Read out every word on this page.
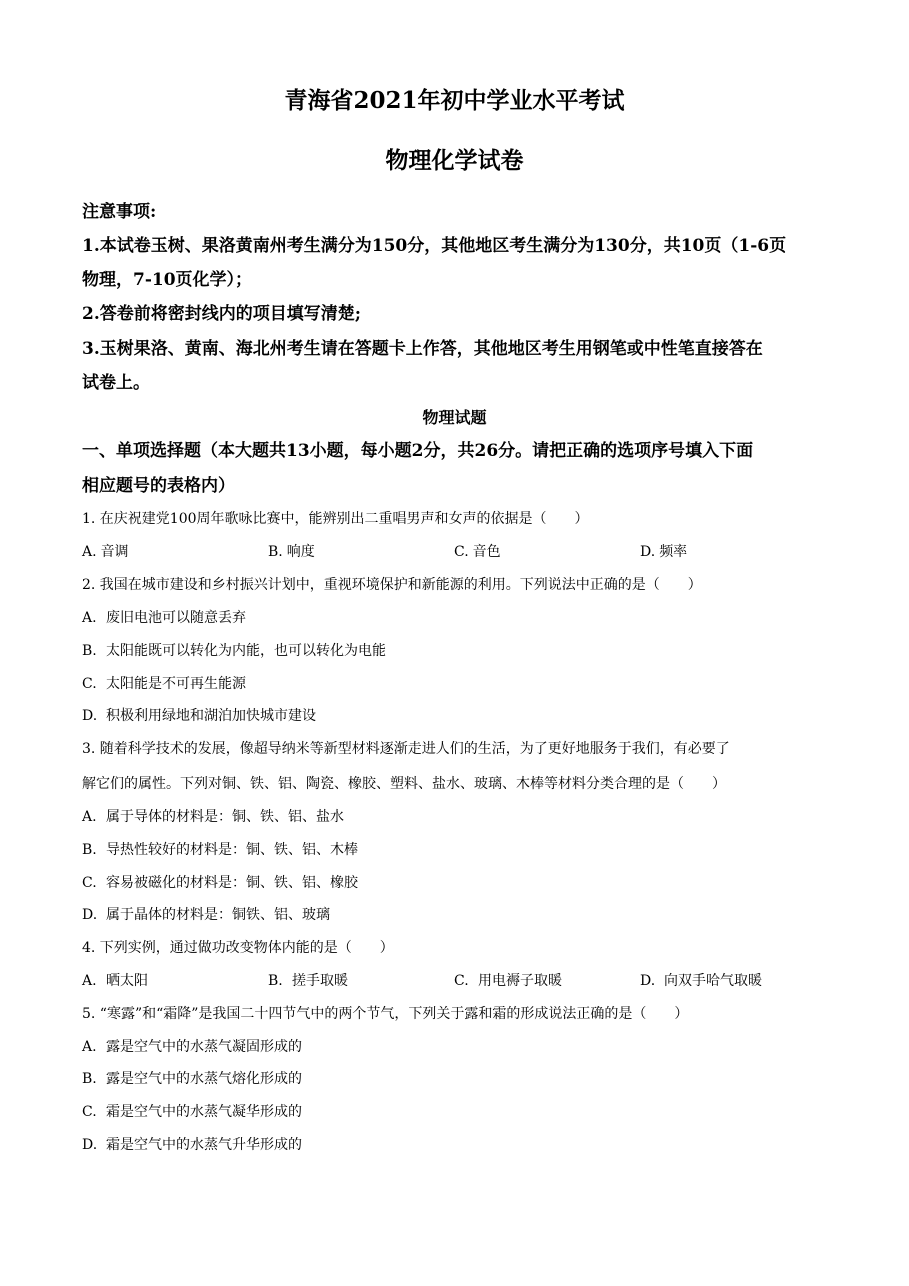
青海省2021年初中学业水平考试
物理化学试卷
注意事项:
1.本试卷玉树、果洛黄南州考生满分为150分，其他地区考生满分为130分，共10页（1-6页
物理，7-10页化学）；
2.答卷前将密封线内的项目填写清楚;
3.玉树果洛、黄南、海北州考生请在答题卡上作答，其他地区考生用钢笔或中性笔直接答在
试卷上。
物理试题
一、单项选择题（本大题共13小题，每小题2分，共26分。请把正确的选项序号填入下面
相应题号的表格内）
1. 在庆祝建党100周年歌咏比赛中，能辨别出二重唱男声和女声的依据是（　　）
A. 音调	B. 响度	C. 音色	D. 频率
2. 我国在城市建设和乡村振兴计划中，重视环境保护和新能源的利用。下列说法中正确的是（　　）
A. 废旧电池可以随意丢弃
B. 太阳能既可以转化为内能，也可以转化为电能
C. 太阳能是不可再生能源
D. 积极利用绿地和湖泊加快城市建设
3. 随着科学技术的发展，像超导纳米等新型材料逐渐走进人们的生活，为了更好地服务于我们，有必要了
解它们的属性。下列对铜、铁、铝、陶瓷、橡胶、塑料、盐水、玻璃、木棒等材料分类合理的是（　　）
A. 属于导体的材料是：铜、铁、铝、盐水
B. 导热性较好的材料是：铜、铁、铝、木棒
C. 容易被磁化的材料是：铜、铁、铝、橡胶
D. 属于晶体的材料是：铜铁、铝、玻璃
4. 下列实例，通过做功改变物体内能的是（　　）
A. 晒太阳	B. 搓手取暖	C. 用电褥子取暖	D. 向双手哈气取暖
5. “寒露”和“霜降”是我国二十四节气中的两个节气，下列关于露和霜的形成说法正确的是（　　）
A. 露是空气中的水蒸气凝固形成的
B. 露是空气中的水蒸气熔化形成的
C. 霜是空气中的水蒸气凝华形成的
D. 霜是空气中的水蒸气升华形成的
